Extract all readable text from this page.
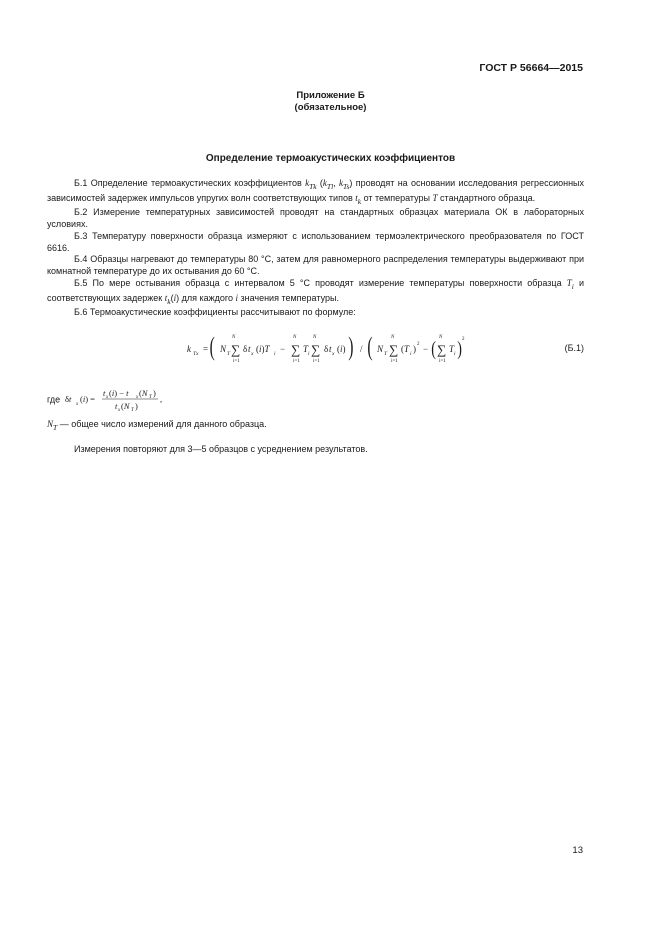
ГОСТ Р 56664—2015
Приложение Б
(обязательное)
Определение термоакустических коэффициентов

Б.1 Определение термоакустических коэффициентов $k_{Tk}$ ($k_{Tl}$, $k_{Ts}$) проводят на основании исследования регрессионных зависимостей задержек импульсов упругих волн соответствующих типов $t_k$ от температуры T стандартного образца.

Б.2 Измерение температурных зависимостей проводят на стандартных образцах материала ОК в лабораторных условиях.

Б.3 Температуру поверхности образца измеряют с использованием термоэлектрического преобразователя по ГОСТ 6616.

Б.4 Образцы нагревают до температуры 80 °С, затем для равномерного распределения температуры выдерживают при комнатной температуре до их остывания до 60 °С.

Б.5 По мере остывания образца с интервалом 5 °С проводят измерение температуры поверхности образца $T_i$ и соответствующих задержек $t_k(i)$ для каждого i значения температуры.

Б.6 Термоакустические коэффициенты рассчитывают по формуле:

k Tx = ( N T
N
∑
i=1
δ t x (i)T i −
N
∑
i=1
T i
N
∑
i=1
δ t x (i) ) / ( N T
N
∑
i=1
(T i ) 2 − (
N
∑
i=1
T i ) 2
(Б.1)
где δt
x
(i) =
t x (i) − t x (N T )
t x (N T )
,
$N_T$ — общее число измерений для данного образца.
Измерения повторяют для 3—5 образцов с усреднением результатов.
13
